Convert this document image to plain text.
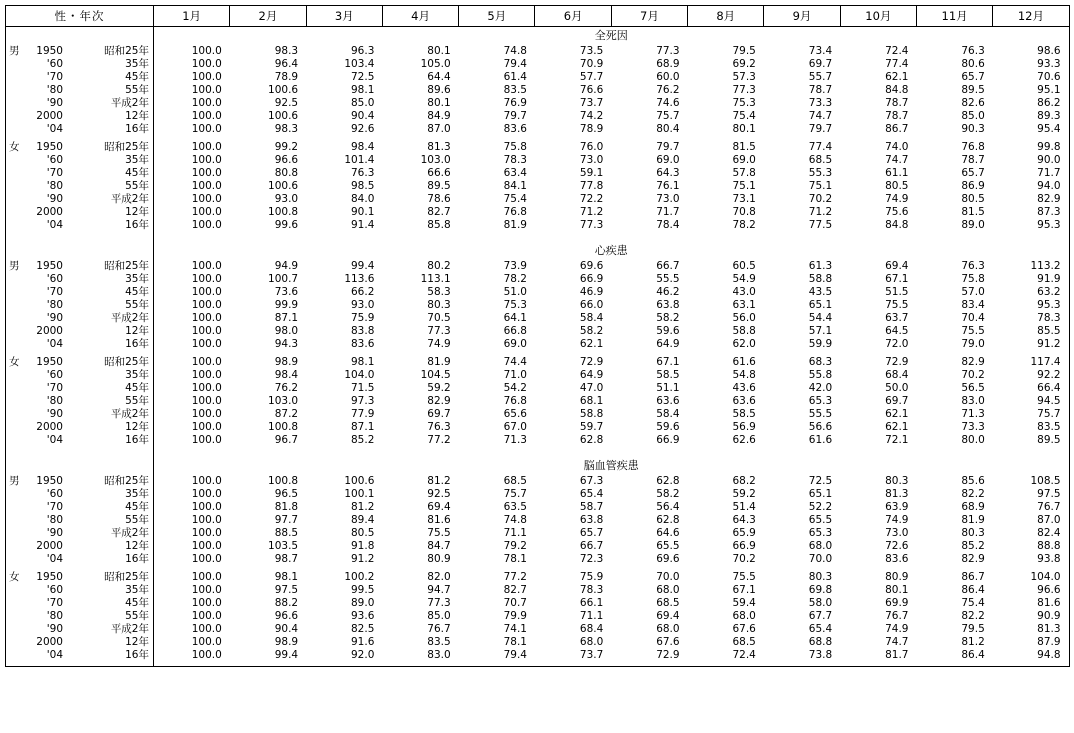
性・年次	1月	2月	3月	4月	5月	6月	7月	8月	9月	10月	11月	12月
	全死因											
男 1950 昭和25年	100.0	98.3	96.3	80.1	74.8	73.5	77.3	79.5	73.4	72.4	76.3	98.6
'60 35年	100.0	96.4	103.4	105.0	79.4	70.9	68.9	69.2	69.7	77.4	80.6	93.3
'70 45年	100.0	78.9	72.5	64.4	61.4	57.7	60.0	57.3	55.7	62.1	65.7	70.6
'80 55年	100.0	100.6	98.1	89.6	83.5	76.6	76.2	77.3	78.7	84.8	89.5	95.1
'90 平成2年	100.0	92.5	85.0	80.1	76.9	73.7	74.6	75.3	73.3	78.7	82.6	86.2
2000 12年	100.0	100.6	90.4	84.9	79.7	74.2	75.7	75.4	74.7	78.7	85.0	89.3
'04 16年	100.0	98.3	92.6	87.0	83.6	78.9	80.4	80.1	79.7	86.7	90.3	95.4

女 1950 昭和25年	100.0	99.2	98.4	81.3	75.8	76.0	79.7	81.5	77.4	74.0	76.8	99.8
'60 35年	100.0	96.6	101.4	103.0	78.3	73.0	69.0	69.0	68.5	74.7	78.7	90.0
'70 45年	100.0	80.8	76.3	66.6	63.4	59.1	64.3	57.8	55.3	61.1	65.7	71.7
'80 55年	100.0	100.6	98.5	89.5	84.1	77.8	76.1	75.1	75.1	80.5	86.9	94.0
'90 平成2年	100.0	93.0	84.0	78.6	75.4	72.2	73.0	73.1	70.2	74.9	80.5	82.9
2000 12年	100.0	100.8	90.1	82.7	76.8	71.2	71.7	70.8	71.2	75.6	81.5	87.3
'04 16年	100.0	99.6	91.4	85.8	81.9	77.3	78.4	78.2	77.5	84.8	89.0	95.3

	心疾患											
男 1950 昭和25年	100.0	94.9	99.4	80.2	73.9	69.6	66.7	60.5	61.3	69.4	76.3	113.2
'60 35年	100.0	100.7	113.6	113.1	78.2	66.9	55.5	54.9	58.8	67.1	75.8	91.9
'70 45年	100.0	73.6	66.2	58.3	51.0	46.9	46.2	43.0	43.5	51.5	57.0	63.2
'80 55年	100.0	99.9	93.0	80.3	75.3	66.0	63.8	63.1	65.1	75.5	83.4	95.3
'90 平成2年	100.0	87.1	75.9	70.5	64.1	58.4	58.2	56.0	54.4	63.7	70.4	78.3
2000 12年	100.0	98.0	83.8	77.3	66.8	58.2	59.6	58.8	57.1	64.5	75.5	85.5
'04 16年	100.0	94.3	83.6	74.9	69.0	62.1	64.9	62.0	59.9	72.0	79.0	91.2

女 1950 昭和25年	100.0	98.9	98.1	81.9	74.4	72.9	67.1	61.6	68.3	72.9	82.9	117.4
'60 35年	100.0	98.4	104.0	104.5	71.0	64.9	58.5	54.8	55.8	68.4	70.2	92.2
'70 45年	100.0	76.2	71.5	59.2	54.2	47.0	51.1	43.6	42.0	50.0	56.5	66.4
'80 55年	100.0	103.0	97.3	82.9	76.8	68.1	63.6	63.6	65.3	69.7	83.0	94.5
'90 平成2年	100.0	87.2	77.9	69.7	65.6	58.8	58.4	58.5	55.5	62.1	71.3	75.7
2000 12年	100.0	100.8	87.1	76.3	67.0	59.7	59.6	56.9	56.6	62.1	73.3	83.5
'04 16年	100.0	96.7	85.2	77.2	71.3	62.8	66.9	62.6	61.6	72.1	80.0	89.5

	脳血管疾患											
男 1950 昭和25年	100.0	100.8	100.6	81.2	68.5	67.3	62.8	68.2	72.5	80.3	85.6	108.5
'60 35年	100.0	96.5	100.1	92.5	75.7	65.4	58.2	59.2	65.1	81.3	82.2	97.5
'70 45年	100.0	81.8	81.2	69.4	63.5	58.7	56.4	51.4	52.2	63.9	68.9	76.7
'80 55年	100.0	97.7	89.4	81.6	74.8	63.8	62.8	64.3	65.5	74.9	81.9	87.0
'90 平成2年	100.0	88.5	80.5	75.5	71.1	65.7	64.6	65.9	65.3	73.0	80.3	82.4
2000 12年	100.0	103.5	91.8	84.7	79.2	66.7	65.5	66.9	68.0	72.6	85.2	88.8
'04 16年	100.0	98.7	91.2	80.9	78.1	72.3	69.6	70.2	70.0	83.6	82.9	93.8

女 1950 昭和25年	100.0	98.1	100.2	82.0	77.2	75.9	70.0	75.5	80.3	80.9	86.7	104.0
'60 35年	100.0	97.5	99.5	94.7	82.7	78.3	68.0	67.1	69.8	80.1	86.4	96.6
'70 45年	100.0	88.2	89.0	77.3	70.7	66.1	68.5	59.4	58.0	69.9	75.4	81.6
'80 55年	100.0	96.6	93.6	85.0	79.9	71.1	69.4	68.0	67.7	76.7	82.2	90.9
'90 平成2年	100.0	90.4	82.5	76.7	74.1	68.4	68.0	67.6	65.4	74.9	79.5	81.3
2000 12年	100.0	98.9	91.6	83.5	78.1	68.0	67.6	68.5	68.8	74.7	81.2	87.9
'04 16年	100.0	99.4	92.0	83.0	79.4	73.7	72.9	72.4	73.8	81.7	86.4	94.8
